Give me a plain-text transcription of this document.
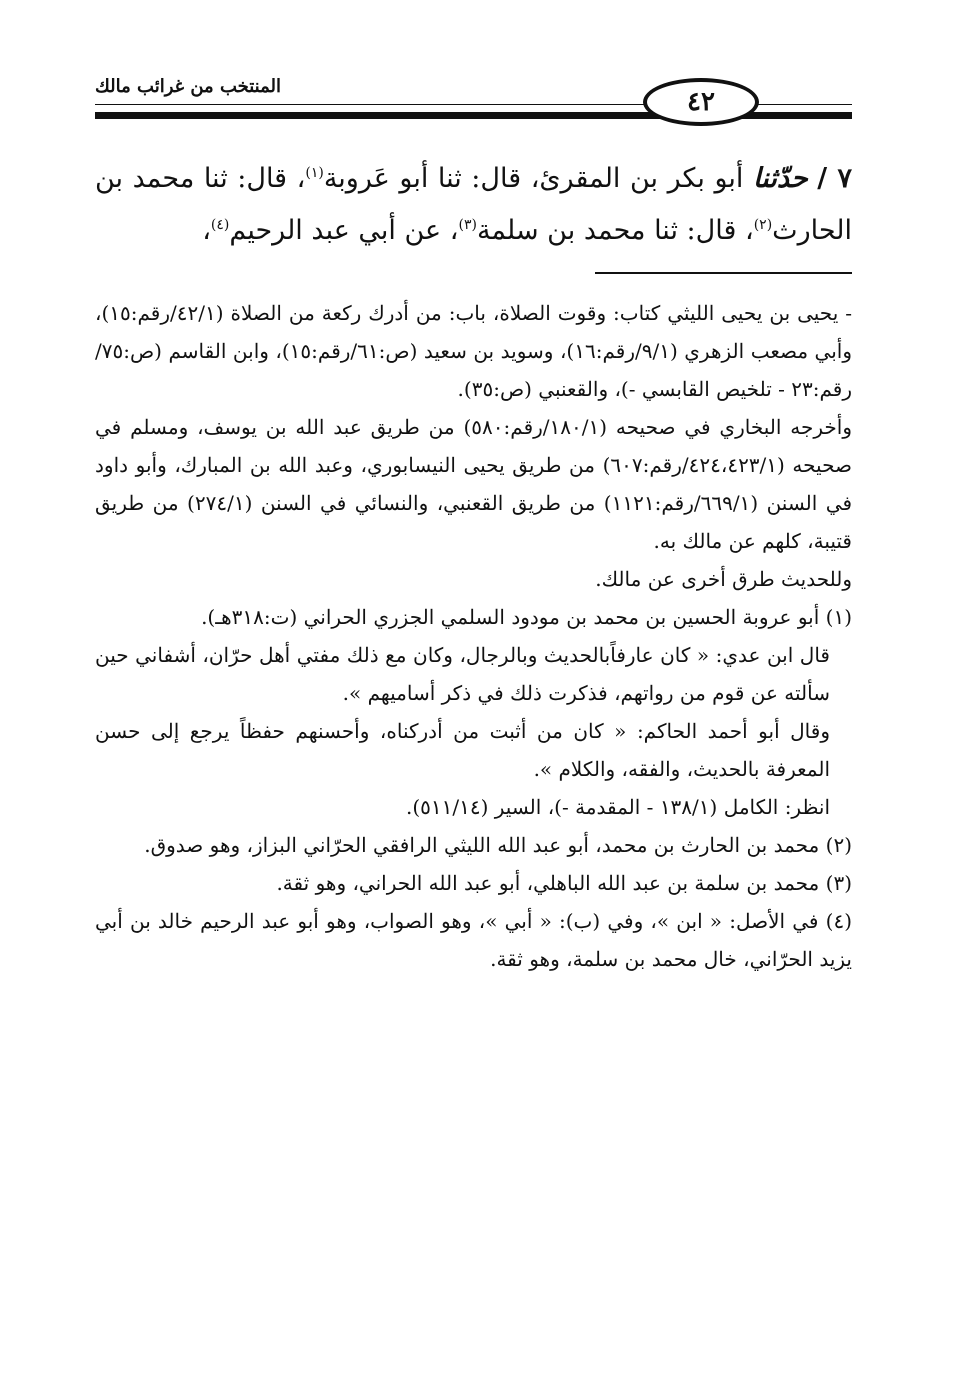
المنتخب من غرائب مالك
٤٢
٧ / حدّثنا أبو بكر بن المقرئ، قال: ثنا أبو عَروبة$^{(١)}$، قال: ثنا محمد بن الحارث$^{(٢)}$، قال: ثنا محمد بن سلمة$^{(٣)}$، عن أبي عبد الرحيم$^{(٤)}$،

- يحيى بن يحيى الليثي كتاب: وقوت الصلاة، باب: من أدرك ركعة من الصلاة (٤٢/١/رقم:١٥)، وأبي مصعب الزهري (٩/١/رقم:١٦)، وسويد بن سعيد (ص:٦١/رقم:١٥)، وابن القاسم (ص:٧٥/رقم:٢٣ - تلخيص القابسي -)، والقعنبي (ص:٣٥).

وأخرجه البخاري في صحيحه (١٨٠/١/رقم:٥٨٠) من طريق عبد الله بن يوسف، ومسلم في صحيحه (٤٢٤،٤٢٣/١/رقم:٦٠٧) من طريق يحيى النيسابوري، وعبد الله بن المبارك، وأبو داود في السنن (٦٦٩/١/رقم:١١٢١) من طريق القعنبي، والنسائي في السنن (٢٧٤/١) من طريق قتيبة، كلهم عن مالك به.

وللحديث طرق أخرى عن مالك.

(١) أبو عروبة الحسين بن محمد بن مودود السلمي الجزري الحراني (ت:٣١٨هـ).

قال ابن عدي: « كان عارفاًبالحديث وبالرجال، وكان مع ذلك مفتي أهل حرّان، أشفاني حين سألته عن قوم من رواتهم، فذكرت ذلك في ذكر أساميهم ».

وقال أبو أحمد الحاكم: « كان من أثبت من أدركناه، وأحسنهم حفظاً يرجع إلى حسن المعرفة بالحديث، والفقه، والكلام ».

انظر: الكامل (١٣٨/١ - المقدمة -)، السير (٥١١/١٤).

(٢) محمد بن الحارث بن محمد، أبو عبد الله الليثي الرافقي الحرّاني البزاز، وهو صدوق.

(٣) محمد بن سلمة بن عبد الله الباهلي، أبو عبد الله الحراني، وهو ثقة.

(٤) في الأصل: « ابن »، وفي (ب): « أبي »، وهو الصواب، وهو أبو عبد الرحيم خالد بن أبي يزيد الحرّاني، خال محمد بن سلمة، وهو ثقة.
